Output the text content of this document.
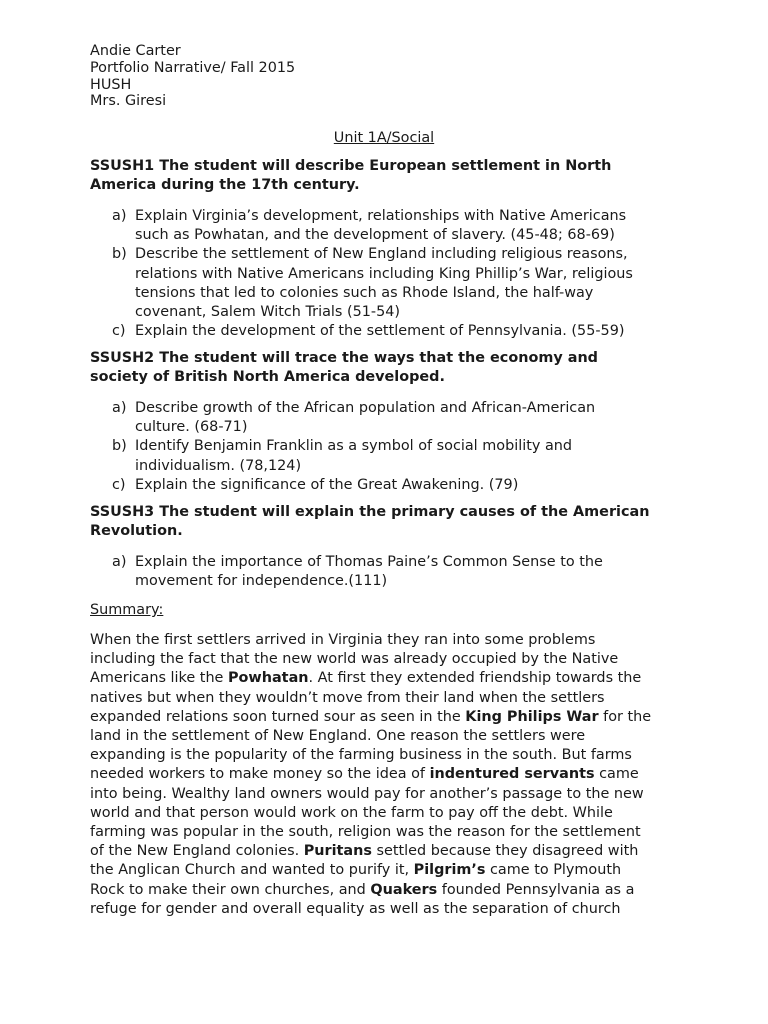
Andie Carter
Portfolio Narrative/ Fall 2015
HUSH
Mrs. Giresi
Unit 1A/Social
SSUSH1 The student will describe European settlement in North
America during the 17th century.
a) Explain Virginia’s development, relationships with Native Americans
such as Powhatan, and the development of slavery. (45-48; 68-69)
b) Describe the settlement of New England including religious reasons,
relations with Native Americans including King Phillip’s War, religious
tensions that led to colonies such as Rhode Island, the half-way
covenant, Salem Witch Trials (51-54)
c) Explain the development of the settlement of Pennsylvania. (55-59)
SSUSH2 The student will trace the ways that the economy and
society of British North America developed.
a) Describe growth of the African population and African-American
culture. (68-71)
b) Identify Benjamin Franklin as a symbol of social mobility and
individualism. (78,124)
c) Explain the significance of the Great Awakening. (79)
SSUSH3 The student will explain the primary causes of the American
Revolution.
a) Explain the importance of Thomas Paine’s Common Sense to the
movement for independence.(111)
Summary:
When the first settlers arrived in Virginia they ran into some problems
including the fact that the new world was already occupied by the Native
Americans like the Powhatan. At first they extended friendship towards the
natives but when they wouldn’t move from their land when the settlers
expanded relations soon turned sour as seen in the King Philips War for the
land in the settlement of New England. One reason the settlers were
expanding is the popularity of the farming business in the south. But farms
needed workers to make money so the idea of indentured servants came
into being. Wealthy land owners would pay for another’s passage to the new
world and that person would work on the farm to pay off the debt. While
farming was popular in the south, religion was the reason for the settlement
of the New England colonies. Puritans settled because they disagreed with
the Anglican Church and wanted to purify it, Pilgrim’s came to Plymouth
Rock to make their own churches, and Quakers founded Pennsylvania as a
refuge for gender and overall equality as well as the separation of church
